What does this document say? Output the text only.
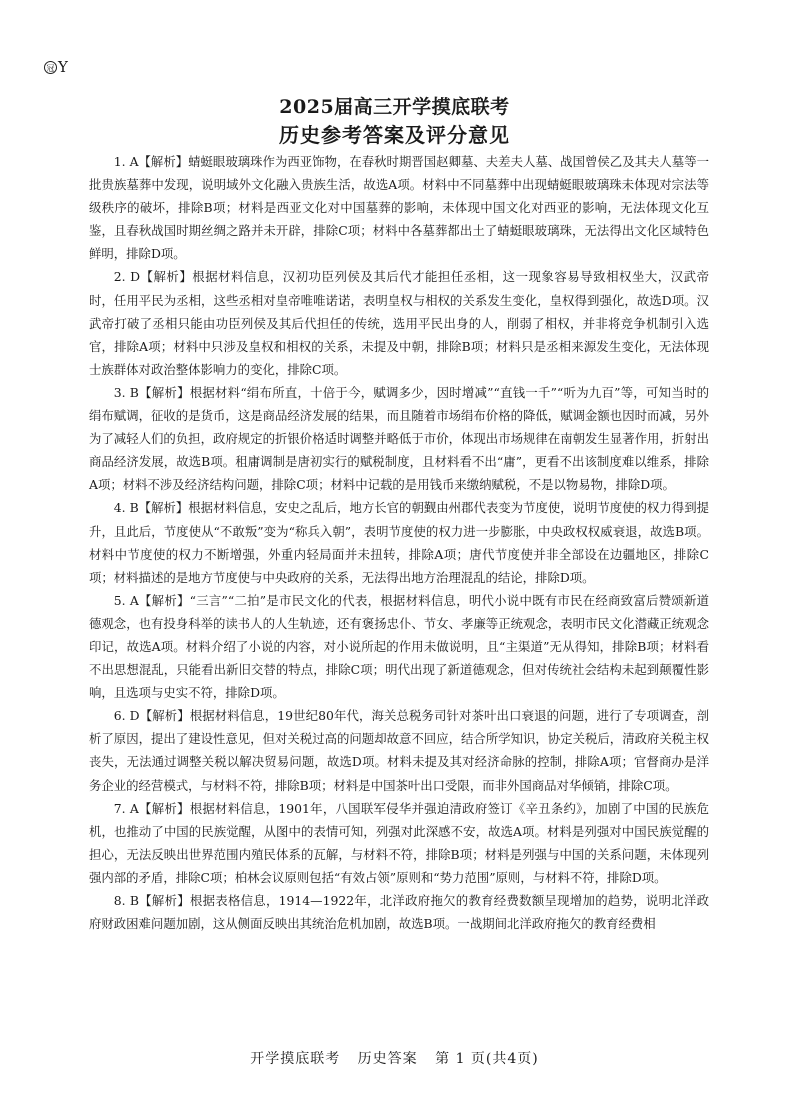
冠 Y
2025届高三开学摸底联考
历史参考答案及评分意见

1. A【解析】蜻蜓眼玻璃珠作为西亚饰物，在春秋时期晋国赵卿墓、夫差夫人墓、战国曾侯乙及其夫人墓等一批贵族墓葬中发现，说明域外文化融入贵族生活，故选A项。材料中不同墓葬中出现蜻蜓眼玻璃珠未体现对宗法等级秩序的破坏，排除B项；材料是西亚文化对中国墓葬的影响，未体现中国文化对西亚的影响，无法体现文化互鉴，且春秋战国时期丝绸之路并未开辟，排除C项；材料中各墓葬都出土了蜻蜓眼玻璃珠，无法得出文化区域特色鲜明，排除D项。

2. D【解析】根据材料信息，汉初功臣列侯及其后代才能担任丞相，这一现象容易导致相权坐大，汉武帝时，任用平民为丞相，这些丞相对皇帝唯唯诺诺，表明皇权与相权的关系发生变化，皇权得到强化，故选D项。汉武帝打破了丞相只能由功臣列侯及其后代担任的传统，选用平民出身的人，削弱了相权，并非将竞争机制引入选官，排除A项；材料中只涉及皇权和相权的关系，未提及中朝，排除B项；材料只是丞相来源发生变化，无法体现士族群体对政治整体影响力的变化，排除C项。

3. B【解析】根据材料“绢布所直，十倍于今，赋调多少，因时增减”“直钱一千”“听为九百”等，可知当时的绢布赋调，征收的是货币，这是商品经济发展的结果，而且随着市场绢布价格的降低，赋调金额也因时而减，另外为了减轻人们的负担，政府规定的折银价格适时调整并略低于市价，体现出市场规律在南朝发生显著作用，折射出商品经济发展，故选B项。租庸调制是唐初实行的赋税制度，且材料看不出“庸”，更看不出该制度难以维系，排除A项；材料不涉及经济结构问题，排除C项；材料中记载的是用钱币来缴纳赋税，不是以物易物，排除D项。

4. B【解析】根据材料信息，安史之乱后，地方长官的朝觐由州郡代表变为节度使，说明节度使的权力得到提升，且此后，节度使从“不敢叛”变为“称兵入朝”，表明节度使的权力进一步膨胀，中央政权权威衰退，故选B项。材料中节度使的权力不断增强，外重内轻局面并未扭转，排除A项；唐代节度使并非全部设在边疆地区，排除C项；材料描述的是地方节度使与中央政府的关系，无法得出地方治理混乱的结论，排除D项。

5. A【解析】“三言”“二拍”是市民文化的代表，根据材料信息，明代小说中既有市民在经商致富后赞颂新道德观念，也有投身科举的读书人的人生轨迹，还有褒扬忠仆、节女、孝廉等正统观念，表明市民文化潜藏正统观念印记，故选A项。材料介绍了小说的内容，对小说所起的作用未做说明，且“主渠道”无从得知，排除B项；材料看不出思想混乱，只能看出新旧交替的特点，排除C项；明代出现了新道德观念，但对传统社会结构未起到颠覆性影响，且选项与史实不符，排除D项。

6. D【解析】根据材料信息，19世纪80年代，海关总税务司针对茶叶出口衰退的问题，进行了专项调查，剖析了原因，提出了建设性意见，但对关税过高的问题却故意不回应，结合所学知识，协定关税后，清政府关税主权丧失，无法通过调整关税以解决贸易问题，故选D项。材料未提及其对经济命脉的控制，排除A项；官督商办是洋务企业的经营模式，与材料不符，排除B项；材料是中国茶叶出口受限，而非外国商品对华倾销，排除C项。

7. A【解析】根据材料信息，1901年，八国联军侵华并强迫清政府签订《辛丑条约》，加剧了中国的民族危机，也推动了中国的民族觉醒，从图中的表情可知，列强对此深感不安，故选A项。材料是列强对中国民族觉醒的担心，无法反映出世界范围内殖民体系的瓦解，与材料不符，排除B项；材料是列强与中国的关系问题，未体现列强内部的矛盾，排除C项；柏林会议原则包括“有效占领”原则和“势力范围”原则，与材料不符，排除D项。

8. B【解析】根据表格信息，1914—1922年，北洋政府拖欠的教育经费数额呈现增加的趋势，说明北洋政府财政困难问题加剧，这从侧面反映出其统治危机加剧，故选B项。一战期间北洋政府拖欠的教育经费相

开学摸底联考 历史答案 第 1 页(共4页)
